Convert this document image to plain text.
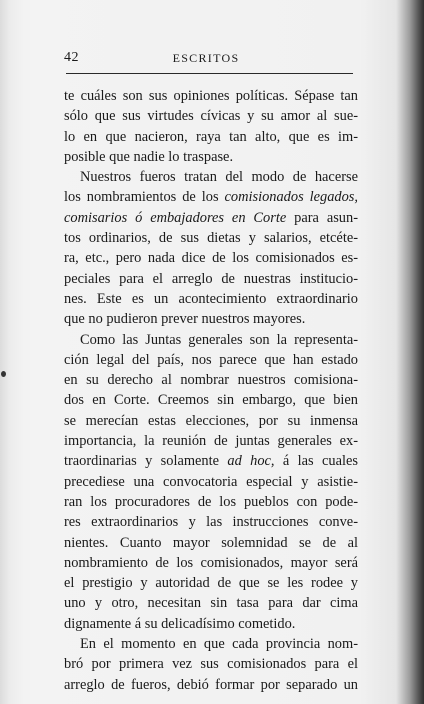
42	ESCRITOS

te cuáles son sus opiniones políticas. Sépase tan
sólo que sus virtudes cívicas y su amor al sue-
lo en que nacieron, raya tan alto, que es im-
posible que nadie lo traspase.

Nuestros fueros tratan del modo de hacerse
los nombramientos de los comisionados legados,
comisarios ó embajadores en Corte para asun-
tos ordinarios, de sus dietas y salarios, etcéte-
ra, etc., pero nada dice de los comisionados es-
peciales para el arreglo de nuestras institucio-
nes. Este es un acontecimiento extraordinario
que no pudieron prever nuestros mayores.

Como las Juntas generales son la representa-
ción legal del país, nos parece que han estado
en su derecho al nombrar nuestros comisiona-
dos en Corte. Creemos sin embargo, que bien
se merecían estas elecciones, por su inmensa
importancia, la reunión de juntas generales ex-
traordinarias y solamente ad hoc, á las cuales
precediese una convocatoria especial y asistie-
ran los procuradores de los pueblos con pode-
res extraordinarios y las instrucciones conve-
nientes. Cuanto mayor solemnidad se de al
nombramiento de los comisionados, mayor será
el prestigio y autoridad de que se les rodee y
uno y otro, necesitan sin tasa para dar cima
dignamente á su delicadísimo cometido.

En el momento en que cada provincia nom-
bró por primera vez sus comisionados para el
arreglo de fueros, debió formar por separado un
